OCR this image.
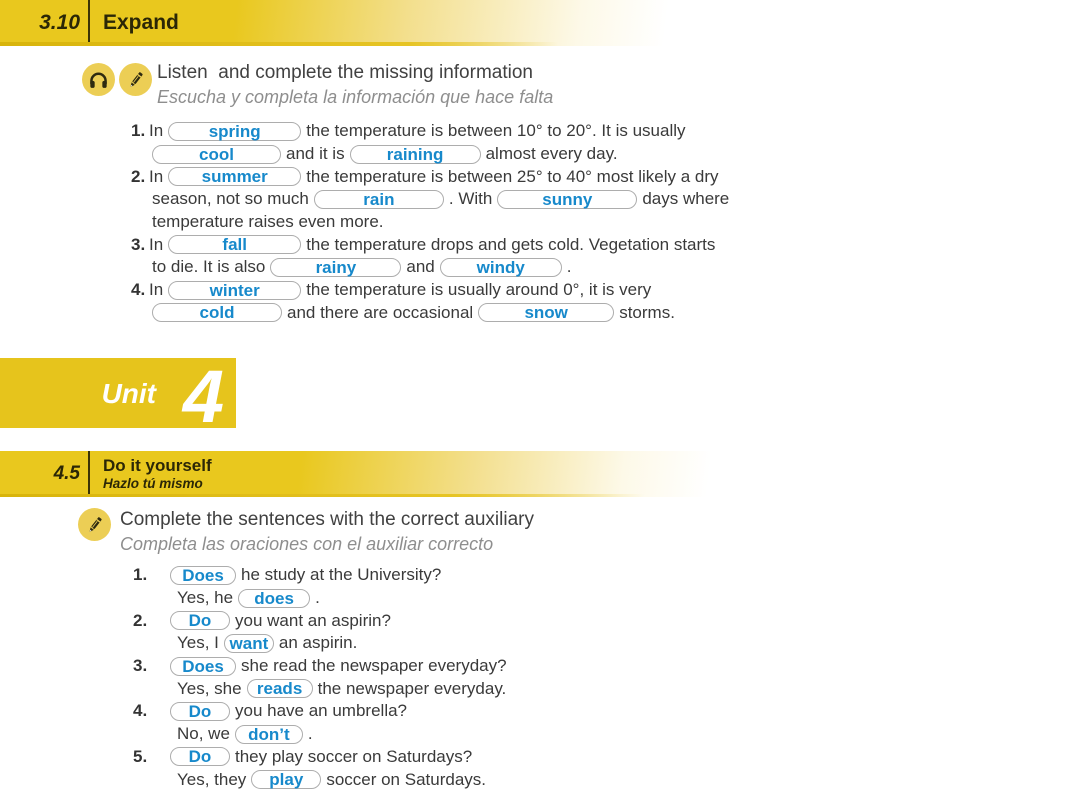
3.10	Expand
Listen  and complete the missing information
Escucha y completa la información que hace falta
1. In	spring	the temperature is between 10° to 20°. It is usually
cool	and it is raining almost every day.
2. In summer the temperature is between 25° to 40° most likely a dry
season, not so much	rain	. With	sunny	days where
temperature raises even more.
3. In	fall	the temperature drops and gets cold. Vegetation starts
to die. It is also	rainy	and windy .
4. In	winter	the temperature is usually around 0°, it is very
cold	and there are occasional	snow	storms.
Unit 4
4.5	Do it yourself
Hazlo tú mismo
Complete the sentences with the correct auxiliary
Completa las oraciones con el auxiliar correcto
1. Does he study at the University?
Yes, he does .
2. Do you want an aspirin?
Yes, I want an aspirin.
3. Does she read the newspaper everyday?
Yes, she reads the newspaper everyday.
4. Do you have an umbrella?
No, we don’t .
5. Do they play soccer on Saturdays?
Yes, they play soccer on Saturdays.
